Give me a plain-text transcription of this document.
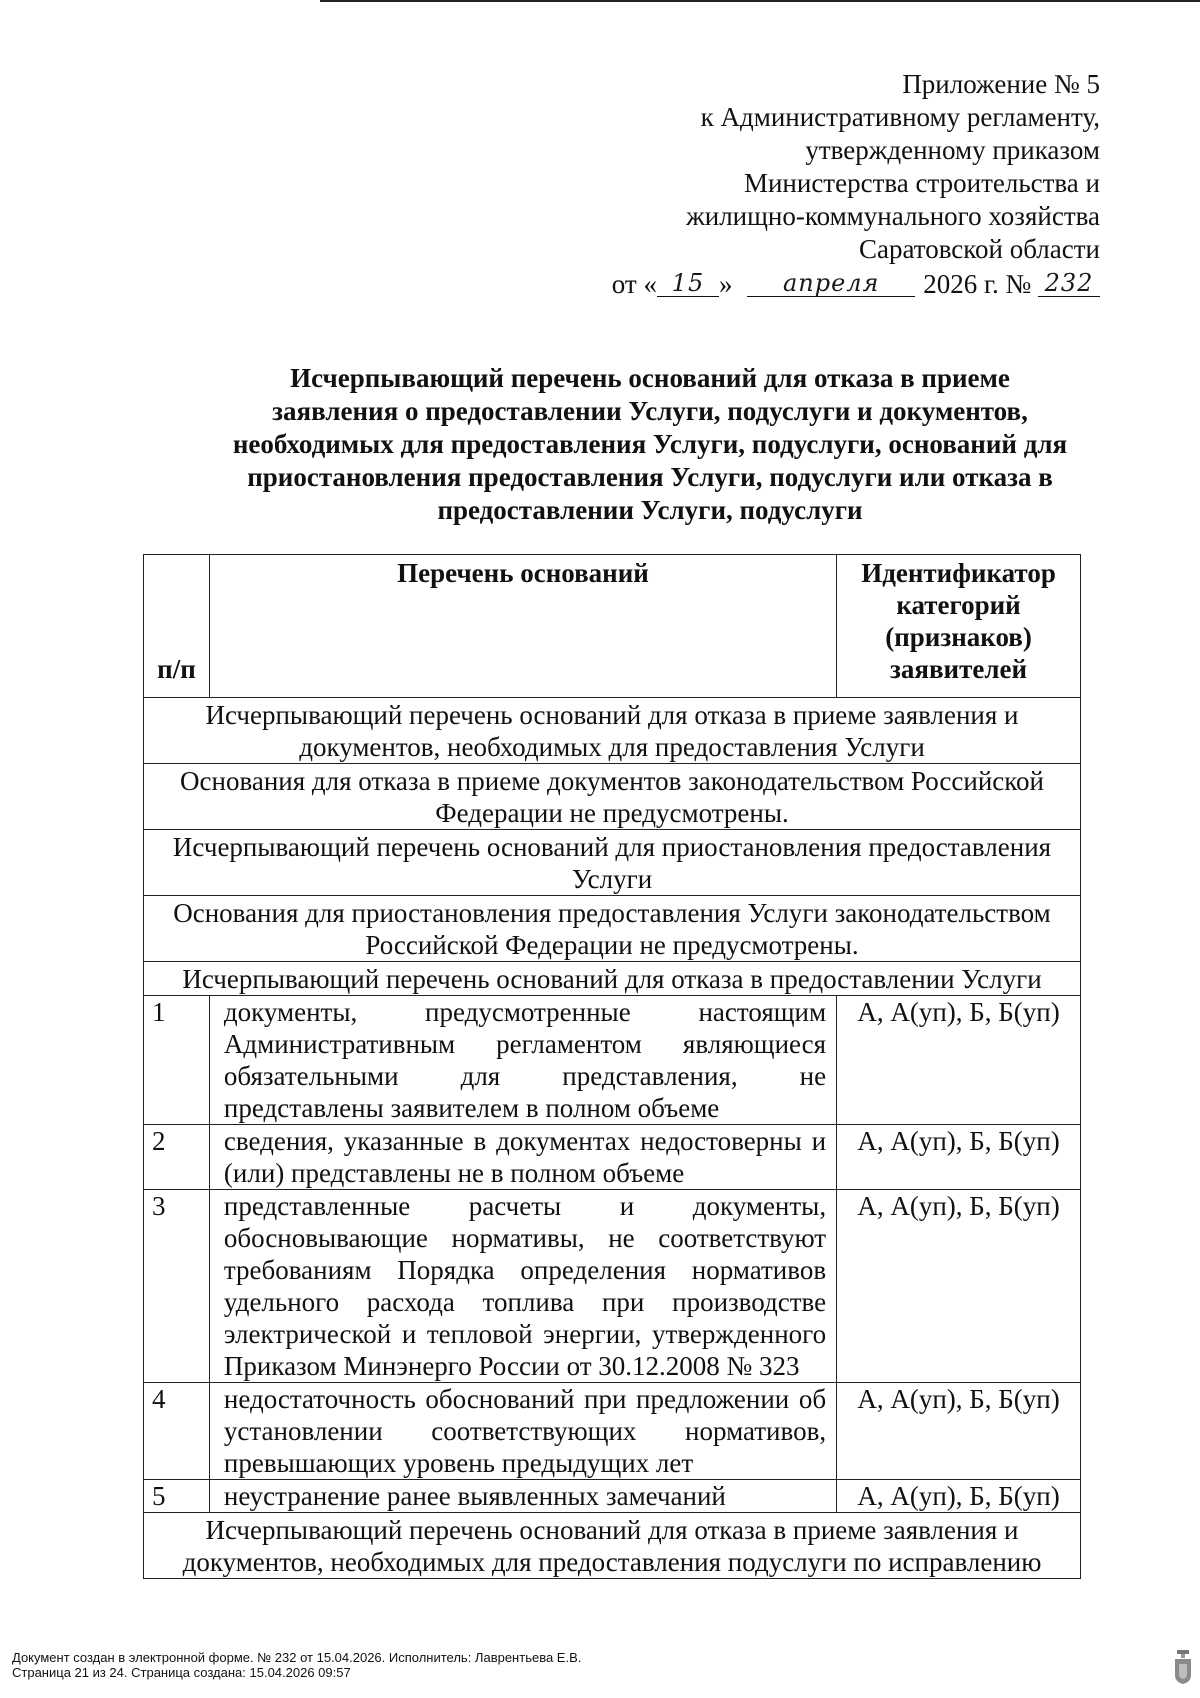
Приложение № 5
к Административному регламенту,
утвержденному приказом
Министерства строительства и
жилищно-коммунального хозяйства
Саратовской области
от « 15 » апреля 2026 г. № 232
Исчерпывающий перечень оснований для отказа в приеме
заявления о предоставлении Услуги, подуслуги и документов,
необходимых для предоставления Услуги, подуслуги, оснований для
приостановления предоставления Услуги, подуслуги или отказа в
предоставлении Услуги, подуслуги
п/п	Перечень оснований	Идентификатор категорий (признаков) заявителей
Исчерпывающий перечень оснований для отказа в приеме заявления и документов, необходимых для предоставления Услуги		
Основания для отказа в приеме документов законодательством Российской Федерации не предусмотрены.		
Исчерпывающий перечень оснований для приостановления предоставления Услуги		
Основания для приостановления предоставления Услуги законодательством Российской Федерации не предусмотрены.		
Исчерпывающий перечень оснований для отказа в предоставлении Услуги		
1	документы, предусмотренные настоящим Административным регламентом являющиеся обязательными для представления, не представлены заявителем в полном объеме	А, А(уп), Б, Б(уп)
2	сведения, указанные в документах недостоверны и (или) представлены не в полном объеме	А, А(уп), Б, Б(уп)
3	представленные расчеты и документы, обосновывающие нормативы, не соответствуют требованиям Порядка определения нормативов удельного расхода топлива при производстве электрической и тепловой энергии, утвержденного Приказом Минэнерго России от 30.12.2008 № 323	А, А(уп), Б, Б(уп)
4	недостаточность обоснований при предложении об установлении соответствующих нормативов, превышающих уровень предыдущих лет	А, А(уп), Б, Б(уп)
5	неустранение ранее выявленных замечаний	А, А(уп), Б, Б(уп)
Исчерпывающий перечень оснований для отказа в приеме заявления и документов, необходимых для предоставления подуслуги по исправлению		
Документ создан в электронной форме. № 232 от 15.04.2026. Исполнитель: Лаврентьева Е.В.
Страница 21 из 24. Страница создана: 15.04.2026 09:57
